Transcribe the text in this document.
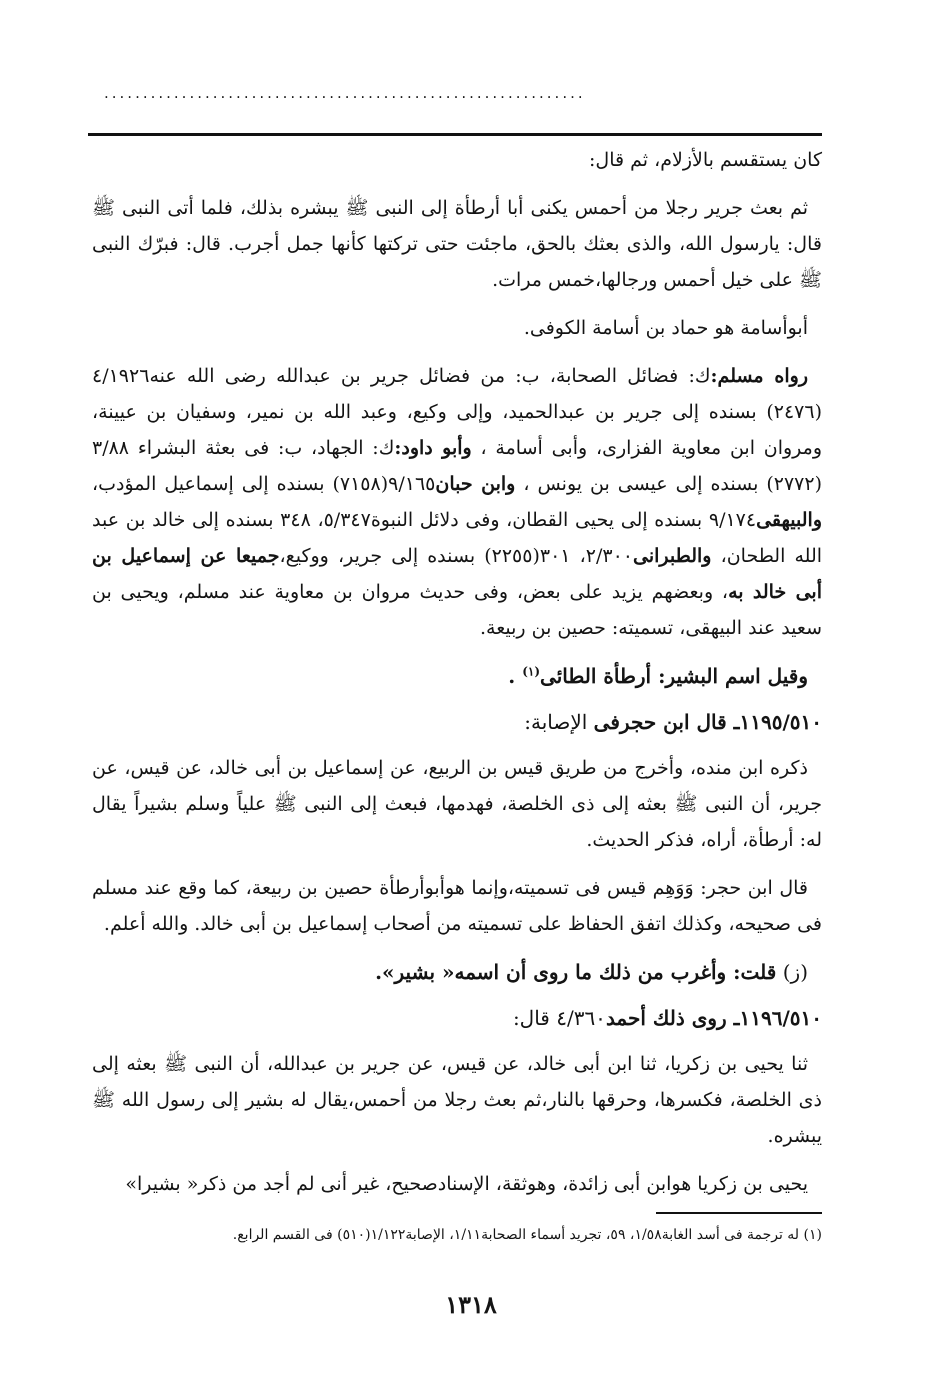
..............................................................

كان يستقسم بالأزلام، ثم قال:

ثم بعث جرير رجلا من أحمس يكنى أبا أرطأة إلى النبى ﷺ يبشره بذلك، فلما أتى النبى ﷺ قال: يارسول الله، والذى بعثك بالحق، ماجئت حتى تركتها كأنها جمل أجرب. قال: فبرّك النبى ﷺ على خيل أحمس ورجالها،خمس مرات.

أبوأسامة هو حماد بن أسامة الكوفى.

رواه مسلم:ك: فضائل الصحابة، ب: من فضائل جرير بن عبدالله رضى الله عنه٤/١٩٢٦ (٢٤٧٦) بسنده إلى جرير بن عبدالحميد، وإلى وكيع، وعبد الله بن نمير، وسفيان بن عيينة، ومروان ابن معاوية الفزارى، وأبى أسامة ، وأبو داود:ك: الجهاد، ب: فى بعثة البشراء ٣/٨٨ (٢٧٧٢) بسنده إلى عيسى بن يونس ، وابن حبان٩/١٦٥(٧١٥٨) بسنده إلى إسماعيل المؤدب، والبيهقى٩/١٧٤ بسنده إلى يحيى القطان، وفى دلائل النبوة٥/٣٤٧، ٣٤٨ بسنده إلى خالد بن عبد الله الطحان، والطبرانى٢/٣٠٠، ٣٠١(٢٢٥٥) بسنده إلى جرير، ووكيع،جميعا عن إسماعيل بن أبى خالد به، وبعضهم يزيد على بعض، وفى حديث مروان بن معاوية عند مسلم، ويحيى بن سعيد عند البيهقى، تسميته: حصين بن ربيعة.

وقيل اسم البشير: أرطأة الطائى$^{(١)}$ .

١١٩٥/٥١٠ـ قال ابن حجرفى الإصابة:

ذكره ابن منده، وأخرج من طريق قيس بن الربيع، عن إسماعيل بن أبى خالد، عن قيس، عن جرير، أن النبى ﷺ بعثه إلى ذى الخلصة، فهدمها، فبعث إلى النبى ﷺ علياً وسلم بشيراً يقال له: أرطأة، أراه، فذكر الحديث.

قال ابن حجر: وَوَهِم قيس فى تسميته،وإنما هوأبوأرطأة حصين بن ربيعة، كما وقع عند مسلم فى صحيحه، وكذلك اتفق الحفاظ على تسميته من أصحاب إسماعيل بن أبى خالد. والله أعلم.

(ز) قلت: وأغرب من ذلك ما روى أن اسمه« بشير».

١١٩٦/٥١٠ـ روى ذلك أحمد٤/٣٦٠ قال:

ثنا يحيى بن زكريا، ثنا ابن أبى خالد، عن قيس، عن جرير بن عبدالله، أن النبى ﷺ بعثه إلى ذى الخلصة، فكسرها، وحرقها بالنار،ثم بعث رجلا من أحمس،يقال له بشير إلى رسول الله ﷺ يبشره.

يحيى بن زكريا هوابن أبى زائدة، وهوثقة، الإسنادصحيح، غير أنى لم أجد من ذكر« بشيرا»

(١) له ترجمة فى أسد الغابة١/٥٨، ٥٩، تجريد أسماء الصحابة١/١١، الإصابة١/١٢٢(٥١٠) فى القسم الرابع.
١٣١٨
